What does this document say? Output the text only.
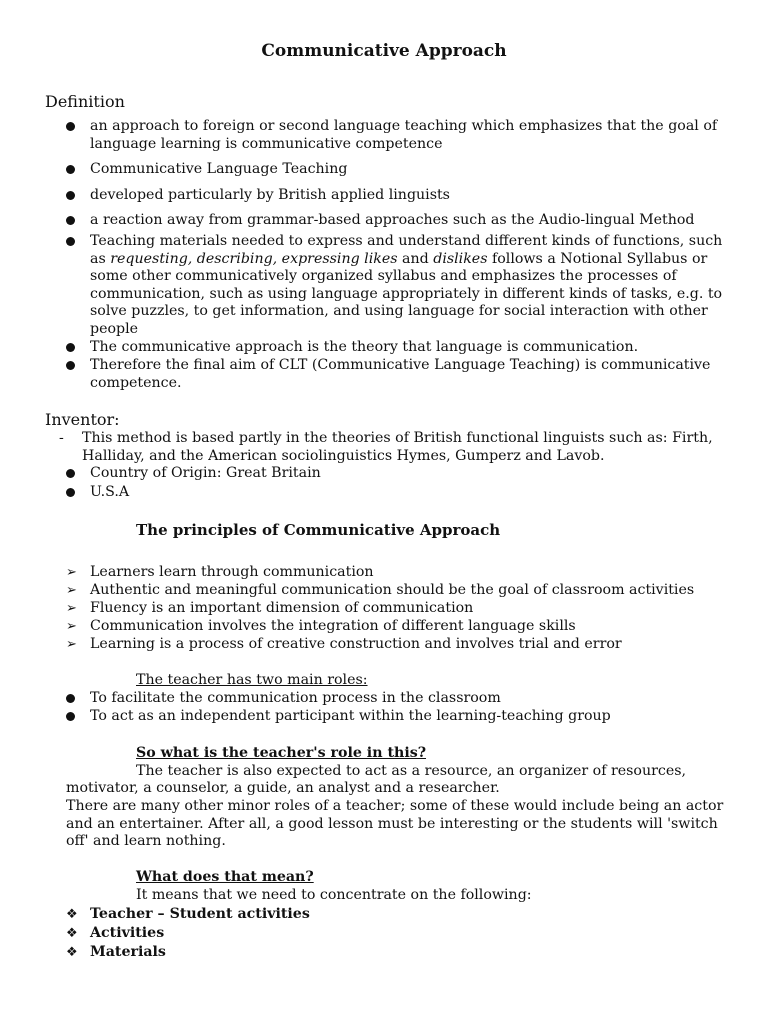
Communicative Approach
Definition
an approach to foreign or second language teaching which emphasizes that the goal of language learning is communicative competence
Communicative Language Teaching
developed particularly by British applied linguists
a reaction away from grammar-based approaches such as the Audio-lingual Method
Teaching materials needed to express and understand different kinds of functions, such as requesting, describing, expressing likes and dislikes follows a Notional Syllabus or some other communicatively organized syllabus and emphasizes the processes of communication, such as using language appropriately in different kinds of tasks, e.g. to solve puzzles, to get information, and using language for social interaction with other people
The communicative approach is the theory that language is communication.
Therefore the final aim of CLT (Communicative Language Teaching) is communicative competence.
Inventor:
- This method is based partly in the theories of British functional linguists such as: Firth, Halliday, and the American sociolinguistics Hymes, Gumperz and Lavob.
Country of Origin: Great Britain
U.S.A
The principles of Communicative Approach
➢ Learners learn through communication
➢ Authentic and meaningful communication should be the goal of classroom activities
➢ Fluency is an important dimension of communication
➢ Communication involves the integration of different language skills
➢ Learning is a process of creative construction and involves trial and error
The teacher has two main roles:
To facilitate the communication process in the classroom
To act as an independent participant within the learning-teaching group
So what is the teacher's role in this?
The teacher is also expected to act as a resource, an organizer of resources,
motivator, a counselor, a guide, an analyst and a researcher.
There are many other minor roles of a teacher; some of these would include being an actor and an entertainer. After all, a good lesson must be interesting or the students will 'switch off' and learn nothing.
What does that mean?
It means that we need to concentrate on the following:
❖ Teacher – Student activities
❖ Activities
❖ Materials
